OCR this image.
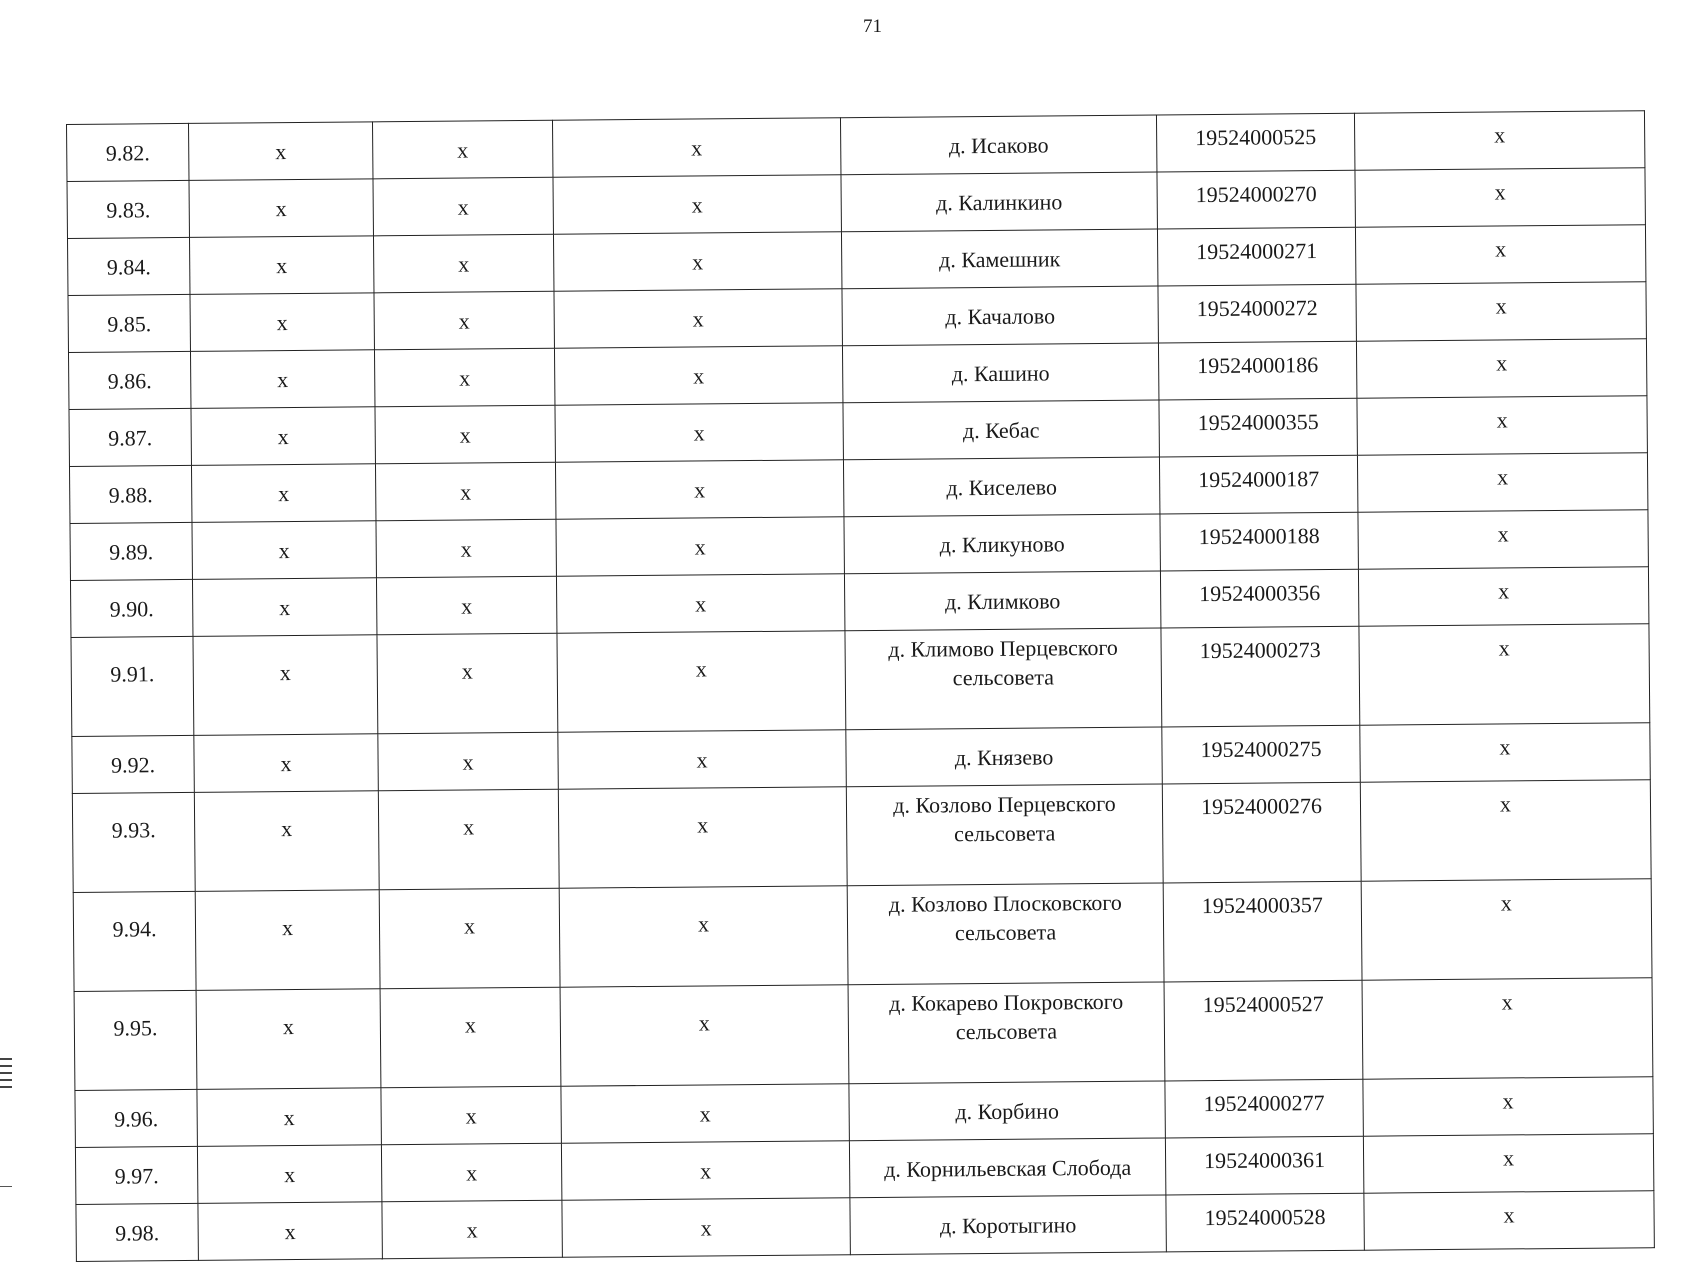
71
9.82.	x	x	x	д. Исаково	19524000525	x
9.83.	x	x	x	д. Калинкино	19524000270	x
9.84.	x	x	x	д. Камешник	19524000271	x
9.85.	x	x	x	д. Качалово	19524000272	x
9.86.	x	x	x	д. Кашино	19524000186	x
9.87.	x	x	x	д. Кебас	19524000355	x
9.88.	x	x	x	д. Киселево	19524000187	x
9.89.	x	x	x	д. Кликуново	19524000188	x
9.90.	x	x	x	д. Климково	19524000356	x
9.91.	x	x	x	д. Климово Перцевского сельсовета	19524000273	x
9.92.	x	x	x	д. Князево	19524000275	x
9.93.	x	x	x	д. Козлово Перцевского сельсовета	19524000276	x
9.94.	x	x	x	д. Козлово Плосковского сельсовета	19524000357	x
9.95.	x	x	x	д. Кокарево Покровского сельсовета	19524000527	x
9.96.	x	x	x	д. Корбино	19524000277	x
9.97.	x	x	x	д. Корнильевская Слобода	19524000361	x
9.98.	x	x	x	д. Коротыгино	19524000528	x
